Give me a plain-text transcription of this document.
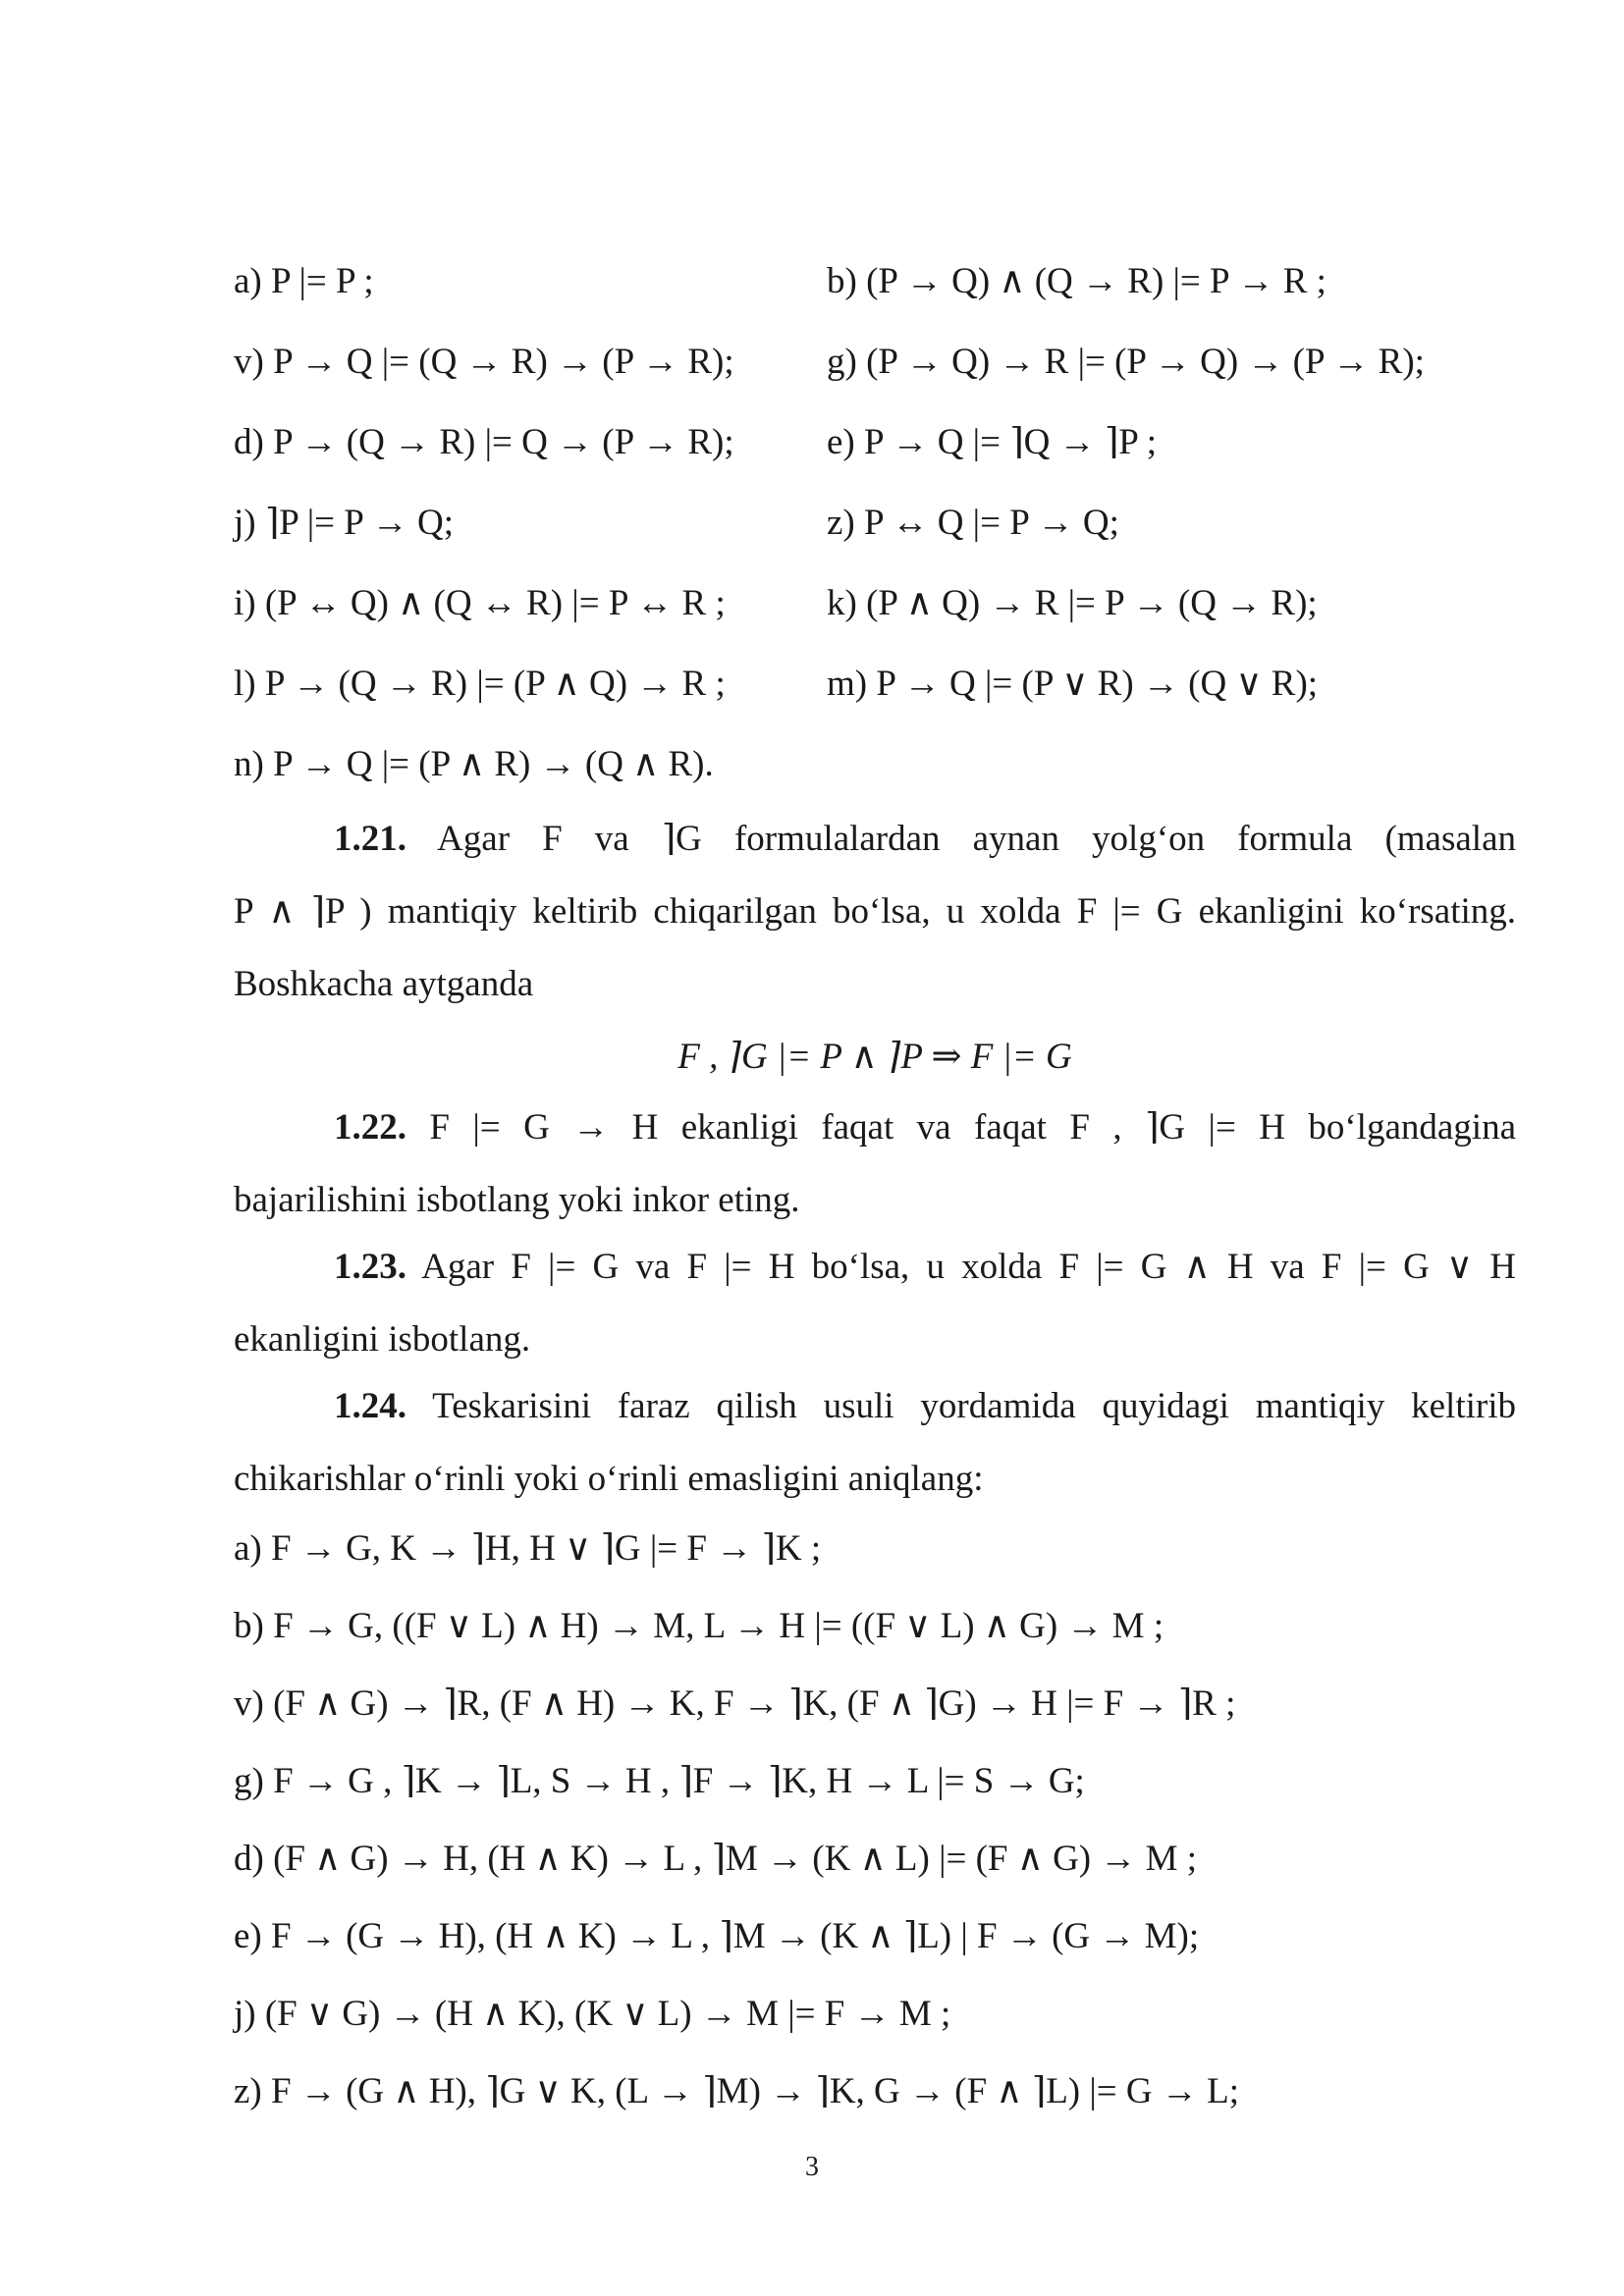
a) P |= P ;	b) (P → Q) ∧ (Q → R) |= P → R ;
v) P → Q |= (Q → R) → (P → R);	g) (P → Q) → R |= (P → Q) → (P → R);
d) P → (Q → R) |= Q → (P → R);	e) P → Q |= ⌉Q → ⌉P ;
j) ⌉P |= P → Q;	z) P ↔ Q |= P → Q;
i) (P ↔ Q) ∧ (Q ↔ R) |= P ↔ R ;	k) (P ∧ Q) → R |= P → (Q → R);
l) P → (Q → R) |= (P ∧ Q) → R ;	m) P → Q |= (P ∨ R) → (Q ∨ R);
n) P → Q |= (P ∧ R) → (Q ∧ R).
1.21. Agar F va ⌉G formulalardan aynan yolg‘on formula (masalan
P ∧ ⌉P ) mantiqiy keltirib chiqarilgan bo‘lsa, u xolda F |= G ekanligini ko‘rsating.
Boshkacha aytganda
F , ⌉G |= P ∧ ⌉P ⇒ F |= G
1.22. F |= G → H ekanligi faqat va faqat F , ⌉G |= H bo‘lgandagina
bajarilishini isbotlang yoki inkor eting.
1.23. Agar F |= G va F |= H bo‘lsa, u xolda F |= G ∧ H va F |= G ∨ H
ekanligini isbotlang.
1.24. Teskarisini faraz qilish usuli yordamida quyidagi mantiqiy keltirib
chikarishlar o‘rinli yoki o‘rinli emasligini aniqlang:
a) F → G, K → ⌉H, H ∨ ⌉G |= F → ⌉K ;
b) F → G, ((F ∨ L) ∧ H) → M, L → H |= ((F ∨ L) ∧ G) → M ;
v) (F ∧ G) → ⌉R, (F ∧ H) → K, F → ⌉K, (F ∧ ⌉G) → H |= F → ⌉R ;
g) F → G , ⌉K → ⌉L, S → H , ⌉F → ⌉K, H → L |= S → G;
d) (F ∧ G) → H, (H ∧ K) → L , ⌉M → (K ∧ L) |= (F ∧ G) → M ;
e) F → (G → H), (H ∧ K) → L , ⌉M → (K ∧ ⌉L) | F → (G → M);
j) (F ∨ G) → (H ∧ K), (K ∨ L) → M |= F → M ;
z) F → (G ∧ H), ⌉G ∨ K, (L → ⌉M) → ⌉K, G → (F ∧ ⌉L) |= G → L;
3
